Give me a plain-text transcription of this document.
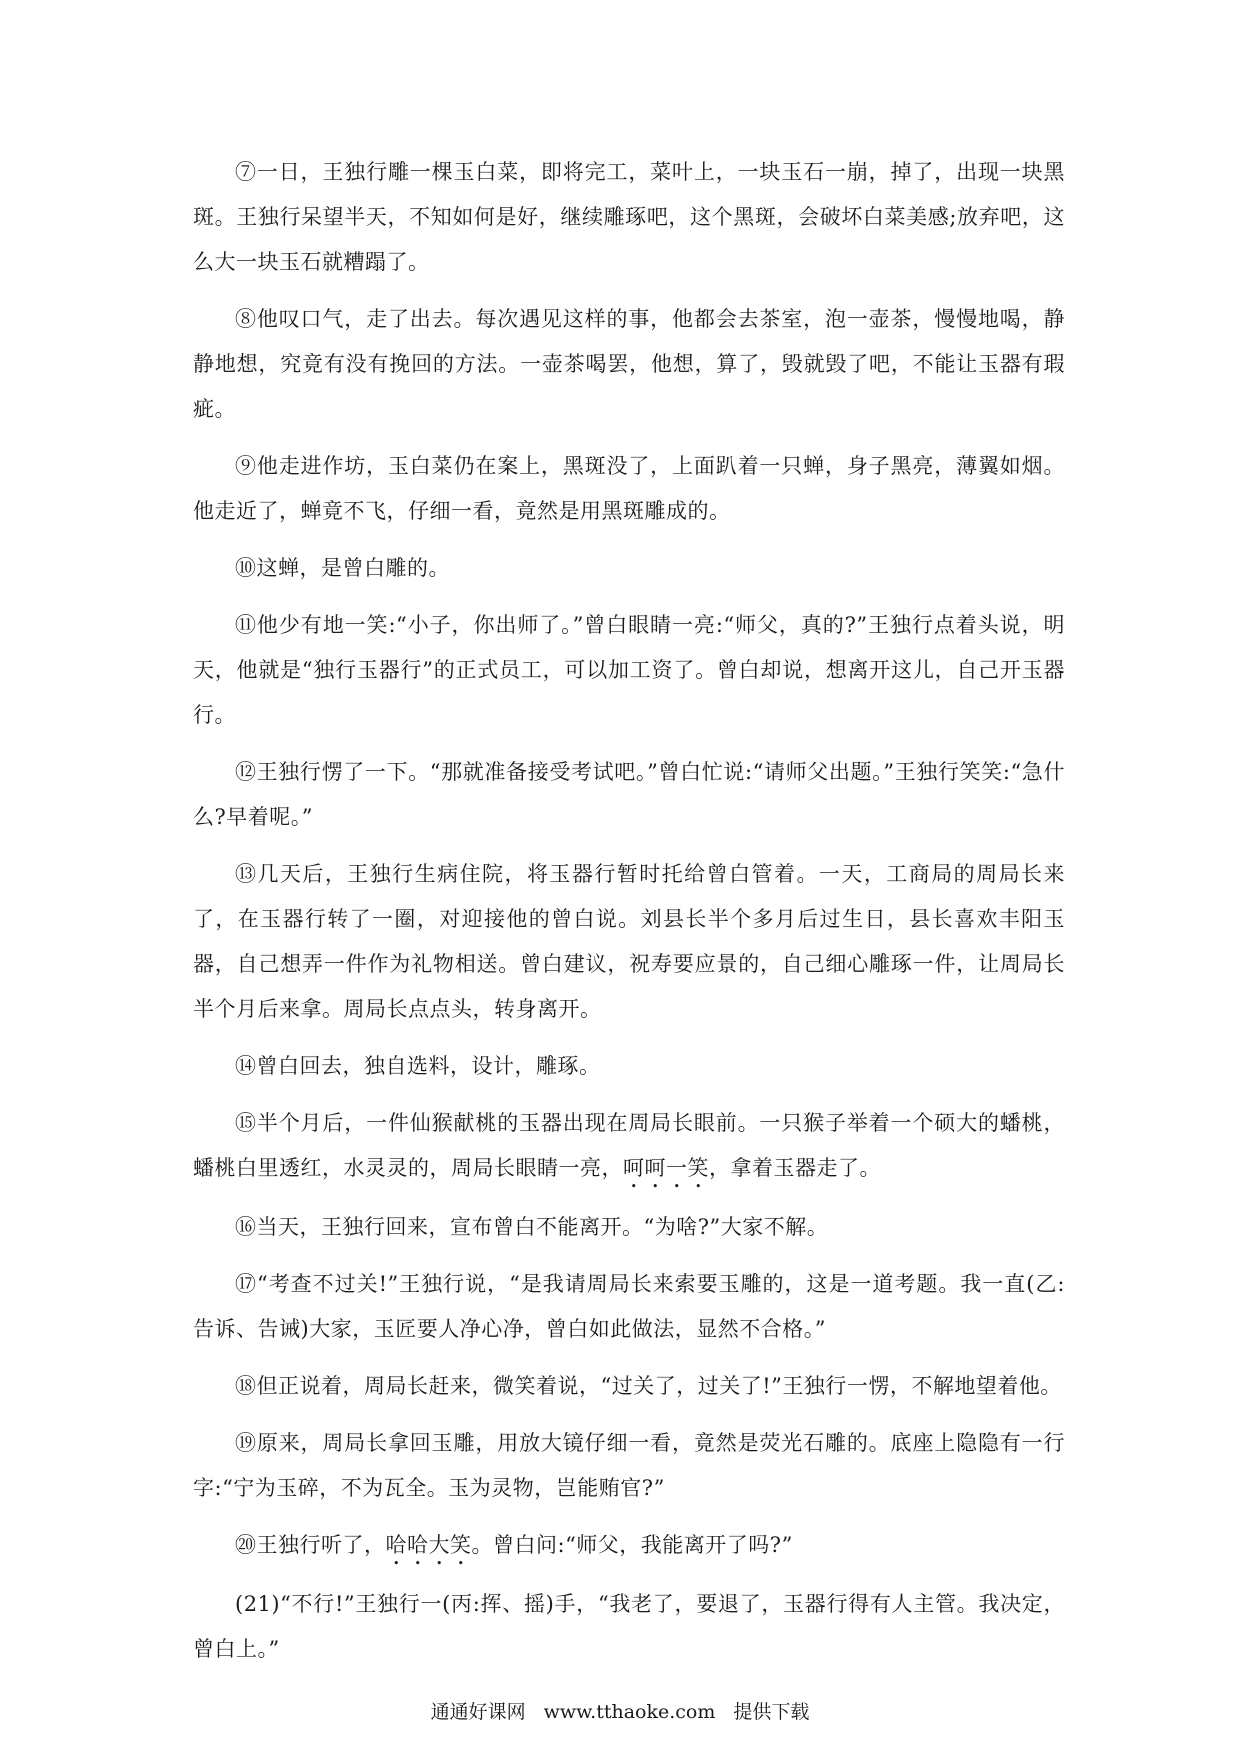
⑦一日，王独行雕一棵玉白菜，即将完工，菜叶上，一块玉石一崩，掉了，出现一块黑斑。王独行呆望半天，不知如何是好，继续雕琢吧，这个黑斑，会破坏白菜美感;放弃吧，这么大一块玉石就糟蹋了。

⑧他叹口气，走了出去。每次遇见这样的事，他都会去茶室，泡一壶茶，慢慢地喝，静静地想，究竟有没有挽回的方法。一壶茶喝罢，他想，算了，毁就毁了吧，不能让玉器有瑕疵。

⑨他走进作坊，玉白菜仍在案上，黑斑没了，上面趴着一只蝉，身子黑亮，薄翼如烟。他走近了，蝉竟不飞，仔细一看，竟然是用黑斑雕成的。

⑩这蝉，是曾白雕的。

⑪他少有地一笑:“小子，你出师了。”曾白眼睛一亮:“师父，真的?”王独行点着头说，明天，他就是“独行玉器行”的正式员工，可以加工资了。曾白却说，想离开这儿，自己开玉器行。

⑫王独行愣了一下。“那就准备接受考试吧。”曾白忙说:“请师父出题。”王独行笑笑:“急什么?早着呢。”

⑬几天后，王独行生病住院，将玉器行暂时托给曾白管着。一天，工商局的周局长来了，在玉器行转了一圈，对迎接他的曾白说。刘县长半个多月后过生日，县长喜欢丰阳玉器，自己想弄一件作为礼物相送。曾白建议，祝寿要应景的，自己细心雕琢一件，让周局长半个月后来拿。周局长点点头，转身离开。

⑭曾白回去，独自选料，设计，雕琢。

⑮半个月后，一件仙猴献桃的玉器出现在周局长眼前。一只猴子举着一个硕大的蟠桃，蟠桃白里透红，水灵灵的，周局长眼睛一亮，呵呵一笑，拿着玉器走了。

⑯当天，王独行回来，宣布曾白不能离开。“为啥?”大家不解。

⑰“考查不过关!”王独行说，“是我请周局长来索要玉雕的，这是一道考题。我一直(乙:告诉、告诫)大家，玉匠要人净心净，曾白如此做法，显然不合格。”

⑱但正说着，周局长赶来，微笑着说，“过关了，过关了!”王独行一愣，不解地望着他。

⑲原来，周局长拿回玉雕，用放大镜仔细一看，竟然是荧光石雕的。底座上隐隐有一行字:“宁为玉碎，不为瓦全。玉为灵物，岂能贿官?”

⑳王独行听了，哈哈大笑。曾白问:“师父，我能离开了吗?”

(21)“不行!”王独行一(丙:挥、摇)手，“我老了，要退了，玉器行得有人主管。我决定，曾白上。”

通通好课网 www.tthaoke.com 提供下载
